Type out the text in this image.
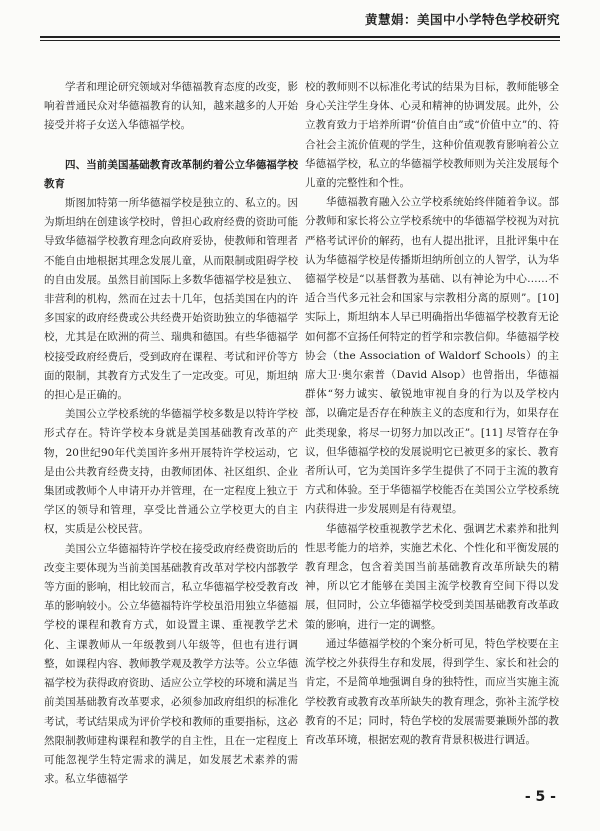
黄慧娟：美国中小学特色学校研究

学者和理论研究领域对华德福教育态度的改变，影响着普通民众对华德福教育的认知，越来越多的人开始接受并将子女送入华德福学校。

四、当前美国基础教育改革制约着公立华德福学校教育

斯图加特第一所华德福学校是独立的、私立的。因为斯坦纳在创建该学校时，曾担心政府经费的资助可能导致华德福学校教育理念向政府妥协，使教师和管理者不能自由地根据其理念发展儿童，从而限制或阻碍学校的自由发展。虽然目前国际上多数华德福学校是独立、非营利的机构，然而在过去十几年，包括美国在内的许多国家的政府经费或公共经费开始资助独立的华德福学校，尤其是在欧洲的荷兰、瑞典和德国。有些华德福学校接受政府经费后，受到政府在课程、考试和评价等方面的限制，其教育方式发生了一定改变。可见，斯坦纳的担心是正确的。

美国公立学校系统的华德福学校多数是以特许学校形式存在。特许学校本身就是美国基础教育改革的产物，20世纪90年代美国许多州开展特许学校运动，它是由公共教育经费支持，由教师团体、社区组织、企业集团或教师个人申请开办并管理，在一定程度上独立于学区的领导和管理，享受比普通公立学校更大的自主权，实质是公校民营。

美国公立华德福特许学校在接受政府经费资助后的改变主要体现为当前美国基础教育改革对学校内部教学等方面的影响，相比较而言，私立华德福学校受教育改革的影响较小。公立华德福特许学校虽沿用独立华德福学校的课程和教育方式，如设置主课、重视教学艺术化、主课教师从一年级教到八年级等，但也有进行调整，如课程内容、教师教学观及教学方法等。公立华德福学校为获得政府资助、适应公立学校的环境和满足当前美国基础教育改革要求，必须参加政府组织的标准化考试，考试结果成为评价学校和教师的重要指标，这必然限制教师建构课程和教学的自主性，且在一定程度上可能忽视学生特定需求的满足，如发展艺术素养的需求。私立华德福学

校的教师则不以标准化考试的结果为目标，教师能够全身心关注学生身体、心灵和精神的协调发展。此外，公立教育致力于培养所谓“价值自由”或“价值中立”的、符合社会主流价值观的学生，这种价值观教育影响着公立华德福学校，私立的华德福学校教师则为关注发展每个儿童的完整性和个性。

华德福教育融入公立学校系统始终伴随着争议。部分教师和家长将公立学校系统中的华德福学校视为对抗严格考试评价的解药，也有人提出批评，且批评集中在认为华德福学校是传播斯坦纳所创立的人智学，认为华德福学校是“以基督教为基础、以有神论为中心……不适合当代多元社会和国家与宗教相分离的原则”。[10] 实际上，斯坦纳本人早已明确指出华德福学校教育无论如何都不宣扬任何特定的哲学和宗教信仰。华德福学校协会（the Association of Waldorf Schools）的主席大卫·奥尔索普（David Alsop）也曾指出，华德福群体“努力诚实、敏锐地审视自身的行为以及学校内部，以确定是否存在种族主义的态度和行为，如果存在此类现象，将尽一切努力加以改正”。[11] 尽管存在争议，但华德福学校的发展说明它已被更多的家长、教育者所认可，它为美国许多学生提供了不同于主流的教育方式和体验。至于华德福学校能否在美国公立学校系统内获得进一步发展则是有待观望。

华德福学校重视教学艺术化、强调艺术素养和批判性思考能力的培养，实施艺术化、个性化和平衡发展的教育理念，包含着美国当前基础教育改革所缺失的精神，所以它才能够在美国主流学校教育空间下得以发展，但同时，公立华德福学校受到美国基础教育改革政策的影响，进行一定的调整。

通过华德福学校的个案分析可见，特色学校要在主流学校之外获得生存和发展，得到学生、家长和社会的肯定，不是简单地强调自身的独特性，而应当实施主流学校教育或教育改革所缺失的教育理念，弥补主流学校教育的不足；同时，特色学校的发展需要兼顾外部的教育改革环境，根据宏观的教育背景积极进行调适。

- 5 -
